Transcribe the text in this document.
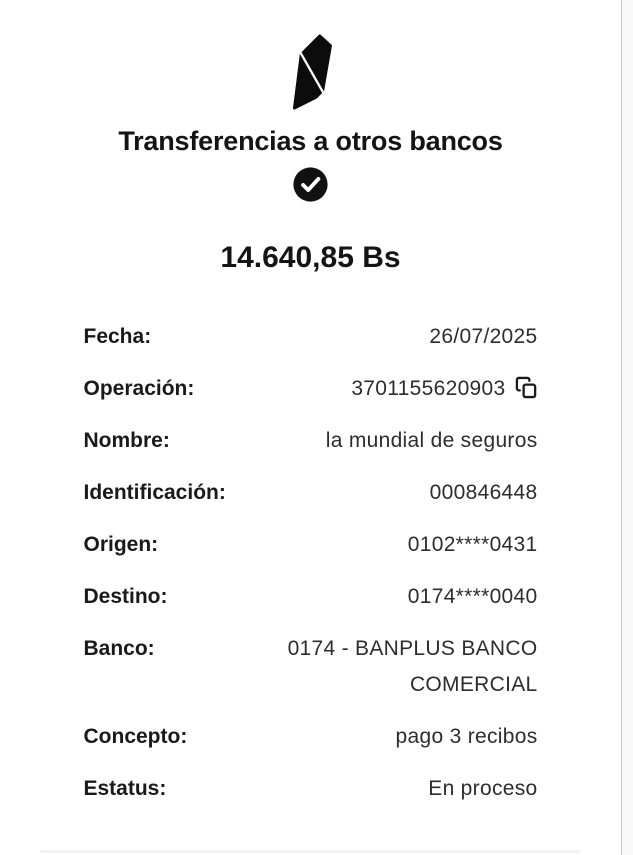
Transferencias a otros bancos
14.640,85 Bs
Fecha:	26/07/2025
Operación:	3701155620903
Nombre:	la mundial de seguros
Identificación:	000846448
Origen:	0102****0431
Destino:	0174****0040
Banco:	0174 - BANPLUS BANCO COMERCIAL
Concepto:	pago 3 recibos
Estatus:	En proceso
